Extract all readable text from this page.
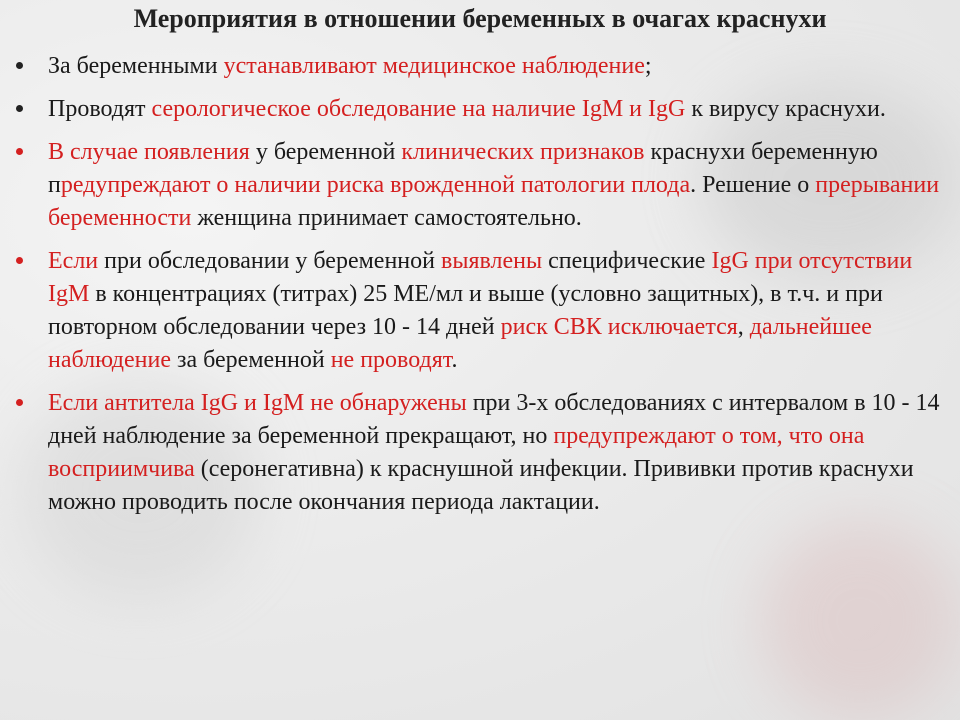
Мероприятия в отношении беременных в очагах краснухи
За беременными устанавливают медицинское наблюдение;
Проводят серологическое обследование на наличие IgM и IgG к вирусу краснухи.
В случае появления у беременной клинических признаков краснухи беременную предупреждают о наличии риска врожденной патологии плода. Решение о прерывании беременности женщина принимает самостоятельно.
Если при обследовании у беременной выявлены специфические IgG при отсутствии IgM в концентрациях (титрах) 25 МЕ/мл и выше (условно защитных), в т.ч. и при повторном обследовании через 10 - 14 дней риск СВК исключается, дальнейшее наблюдение за беременной не проводят.
Если антитела IgG и IgM не обнаружены при 3-х обследованиях с интервалом в 10 - 14 дней наблюдение за беременной прекращают, но предупреждают о том, что она восприимчива (серонегативна) к краснушной инфекции. Прививки против краснухи можно проводить после окончания периода лактации.
